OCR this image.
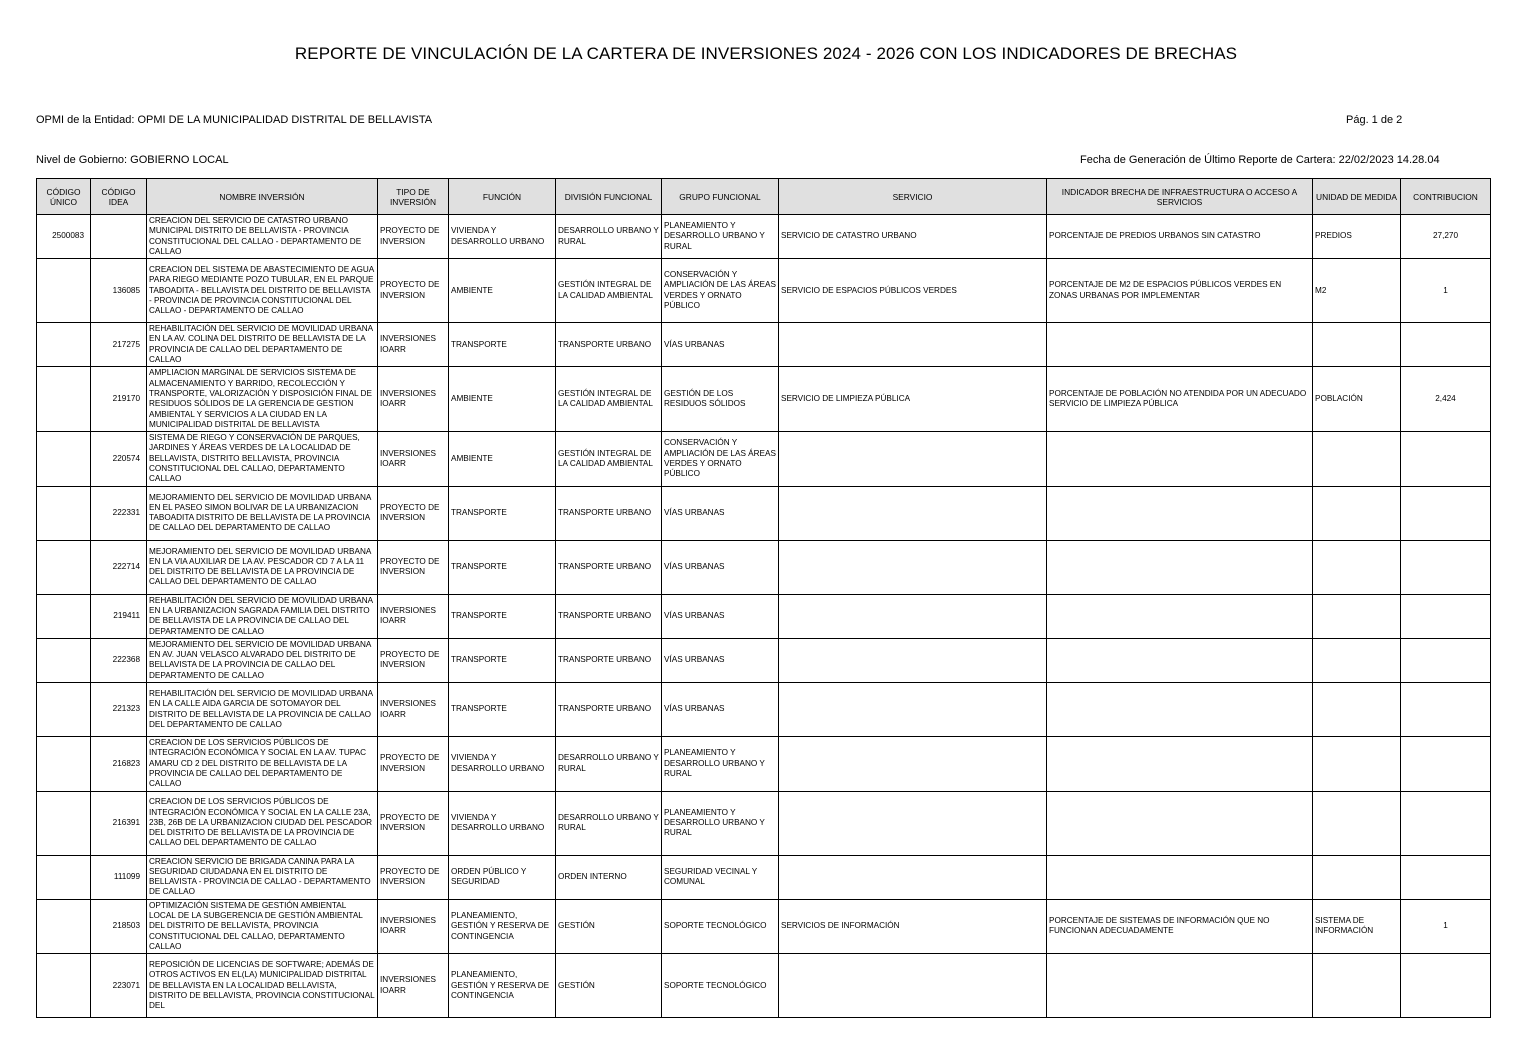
REPORTE DE VINCULACIÓN DE LA CARTERA DE INVERSIONES 2024 - 2026 CON LOS INDICADORES DE BRECHAS
OPMI de la Entidad: OPMI DE LA MUNICIPALIDAD DISTRITAL DE BELLAVISTA	Pág. 1 de 2
Nivel de Gobierno: GOBIERNO LOCAL	Fecha de Generación de Último Reporte de Cartera: 22/02/2023 14.28.04
CÓDIGO ÚNICO	CÓDIGO IDEA	NOMBRE INVERSIÓN	TIPO DE INVERSIÓN	FUNCIÓN	DIVISIÓN FUNCIONAL	GRUPO FUNCIONAL	SERVICIO	INDICADOR BRECHA DE INFRAESTRUCTURA O ACCESO A SERVICIOS	UNIDAD DE MEDIDA	CONTRIBUCION
2500083		CREACION DEL SERVICIO DE CATASTRO URBANO MUNICIPAL DISTRITO DE BELLAVISTA - PROVINCIA CONSTITUCIONAL DEL CALLAO - DEPARTAMENTO DE CALLAO	PROYECTO DE INVERSION	VIVIENDA Y DESARROLLO URBANO	DESARROLLO URBANO Y RURAL	PLANEAMIENTO Y DESARROLLO URBANO Y RURAL	SERVICIO DE CATASTRO URBANO	PORCENTAJE DE PREDIOS URBANOS SIN CATASTRO	PREDIOS	27,270
	136085	CREACION DEL SISTEMA DE ABASTECIMIENTO DE AGUA PARA RIEGO MEDIANTE POZO TUBULAR, EN EL PARQUE TABOADITA - BELLAVISTA DEL DISTRITO DE BELLAVISTA - PROVINCIA DE PROVINCIA CONSTITUCIONAL DEL CALLAO - DEPARTAMENTO DE CALLAO	PROYECTO DE INVERSION	AMBIENTE	GESTIÓN INTEGRAL DE LA CALIDAD AMBIENTAL	CONSERVACIÓN Y AMPLIACIÓN DE LAS ÁREAS VERDES Y ORNATO PÚBLICO	SERVICIO DE ESPACIOS PÚBLICOS VERDES	PORCENTAJE DE M2 DE ESPACIOS PÚBLICOS VERDES EN ZONAS URBANAS POR IMPLEMENTAR	M2	1
	217275	REHABILITACIÓN DEL SERVICIO DE MOVILIDAD URBANA EN LA AV. COLINA DEL DISTRITO DE BELLAVISTA DE LA PROVINCIA DE CALLAO DEL DEPARTAMENTO DE CALLAO	INVERSIONES IOARR	TRANSPORTE	TRANSPORTE URBANO	VÍAS URBANAS				
	219170	AMPLIACION MARGINAL DE SERVICIOS SISTEMA DE ALMACENAMIENTO Y BARRIDO, RECOLECCIÓN Y TRANSPORTE, VALORIZACIÓN Y DISPOSICIÓN FINAL DE RESIDUOS SÓLIDOS DE LA GERENCIA DE GESTION AMBIENTAL Y SERVICIOS A LA CIUDAD EN LA MUNICIPALIDAD DISTRITAL DE BELLAVISTA	INVERSIONES IOARR	AMBIENTE	GESTIÓN INTEGRAL DE LA CALIDAD AMBIENTAL	GESTIÓN DE LOS RESIDUOS SÓLIDOS	SERVICIO DE LIMPIEZA PÚBLICA	PORCENTAJE DE POBLACIÓN NO ATENDIDA POR UN ADECUADO SERVICIO DE LIMPIEZA PÚBLICA	POBLACIÓN	2,424
	220574	SISTEMA DE RIEGO Y CONSERVACIÓN DE PARQUES, JARDINES Y ÁREAS VERDES DE LA LOCALIDAD DE BELLAVISTA, DISTRITO BELLAVISTA, PROVINCIA CONSTITUCIONAL DEL CALLAO, DEPARTAMENTO CALLAO	INVERSIONES IOARR	AMBIENTE	GESTIÓN INTEGRAL DE LA CALIDAD AMBIENTAL	CONSERVACIÓN Y AMPLIACIÓN DE LAS ÁREAS VERDES Y ORNATO PÚBLICO				
	222331	MEJORAMIENTO DEL SERVICIO DE MOVILIDAD URBANA EN EL PASEO SIMON BOLIVAR DE LA URBANIZACION TABOADITA DISTRITO DE BELLAVISTA DE LA PROVINCIA DE CALLAO DEL DEPARTAMENTO DE CALLAO	PROYECTO DE INVERSION	TRANSPORTE	TRANSPORTE URBANO	VÍAS URBANAS				
	222714	MEJORAMIENTO DEL SERVICIO DE MOVILIDAD URBANA EN LA VIA AUXILIAR DE LA AV. PESCADOR CD 7 A LA 11 DEL DISTRITO DE BELLAVISTA DE LA PROVINCIA DE CALLAO DEL DEPARTAMENTO DE CALLAO	PROYECTO DE INVERSION	TRANSPORTE	TRANSPORTE URBANO	VÍAS URBANAS				
	219411	REHABILITACIÓN DEL SERVICIO DE MOVILIDAD URBANA EN LA URBANIZACION SAGRADA FAMILIA DEL DISTRITO DE BELLAVISTA DE LA PROVINCIA DE CALLAO DEL DEPARTAMENTO DE CALLAO	INVERSIONES IOARR	TRANSPORTE	TRANSPORTE URBANO	VÍAS URBANAS				
	222368	MEJORAMIENTO DEL SERVICIO DE MOVILIDAD URBANA EN AV. JUAN VELASCO ALVARADO DEL DISTRITO DE BELLAVISTA DE LA PROVINCIA DE CALLAO DEL DEPARTAMENTO DE CALLAO	PROYECTO DE INVERSION	TRANSPORTE	TRANSPORTE URBANO	VÍAS URBANAS				
	221323	REHABILITACIÓN DEL SERVICIO DE MOVILIDAD URBANA EN LA CALLE AIDA GARCIA DE SOTOMAYOR DEL DISTRITO DE BELLAVISTA DE LA PROVINCIA DE CALLAO DEL DEPARTAMENTO DE CALLAO	INVERSIONES IOARR	TRANSPORTE	TRANSPORTE URBANO	VÍAS URBANAS				
	216823	CREACION DE LOS SERVICIOS PÚBLICOS DE INTEGRACIÓN ECONÓMICA Y SOCIAL EN LA AV. TUPAC AMARU CD 2 DEL DISTRITO DE BELLAVISTA DE LA PROVINCIA DE CALLAO DEL DEPARTAMENTO DE CALLAO	PROYECTO DE INVERSION	VIVIENDA Y DESARROLLO URBANO	DESARROLLO URBANO Y RURAL	PLANEAMIENTO Y DESARROLLO URBANO Y RURAL				
	216391	CREACION DE LOS SERVICIOS PÚBLICOS DE INTEGRACIÓN ECONÓMICA Y SOCIAL EN LA CALLE 23A, 23B, 26B DE LA URBANIZACION CIUDAD DEL PESCADOR DEL DISTRITO DE BELLAVISTA DE LA PROVINCIA DE CALLAO DEL DEPARTAMENTO DE CALLAO	PROYECTO DE INVERSION	VIVIENDA Y DESARROLLO URBANO	DESARROLLO URBANO Y RURAL	PLANEAMIENTO Y DESARROLLO URBANO Y RURAL				
	111099	CREACION SERVICIO DE BRIGADA CANINA PARA LA SEGURIDAD CIUDADANA EN EL DISTRITO DE BELLAVISTA - PROVINCIA DE CALLAO - DEPARTAMENTO DE CALLAO	PROYECTO DE INVERSION	ORDEN PÚBLICO Y SEGURIDAD	ORDEN INTERNO	SEGURIDAD VECINAL Y COMUNAL				
	218503	OPTIMIZACIÓN SISTEMA DE GESTIÓN AMBIENTAL LOCAL DE LA SUBGERENCIA DE GESTIÓN AMBIENTAL DEL DISTRITO DE BELLAVISTA, PROVINCIA CONSTITUCIONAL DEL CALLAO, DEPARTAMENTO CALLAO	INVERSIONES IOARR	PLANEAMIENTO, GESTIÓN Y RESERVA DE CONTINGENCIA	GESTIÓN	SOPORTE TECNOLÓGICO	SERVICIOS DE INFORMACIÓN	PORCENTAJE DE SISTEMAS DE INFORMACIÓN QUE NO FUNCIONAN ADECUADAMENTE	SISTEMA DE INFORMACIÓN	1
	223071	REPOSICIÓN DE LICENCIAS DE SOFTWARE; ADEMÁS DE OTROS ACTIVOS EN EL(LA) MUNICIPALIDAD DISTRITAL DE BELLAVISTA EN LA LOCALIDAD BELLAVISTA, DISTRITO DE BELLAVISTA, PROVINCIA CONSTITUCIONAL DEL	INVERSIONES IOARR	PLANEAMIENTO, GESTIÓN Y RESERVA DE CONTINGENCIA	GESTIÓN	SOPORTE TECNOLÓGICO				
